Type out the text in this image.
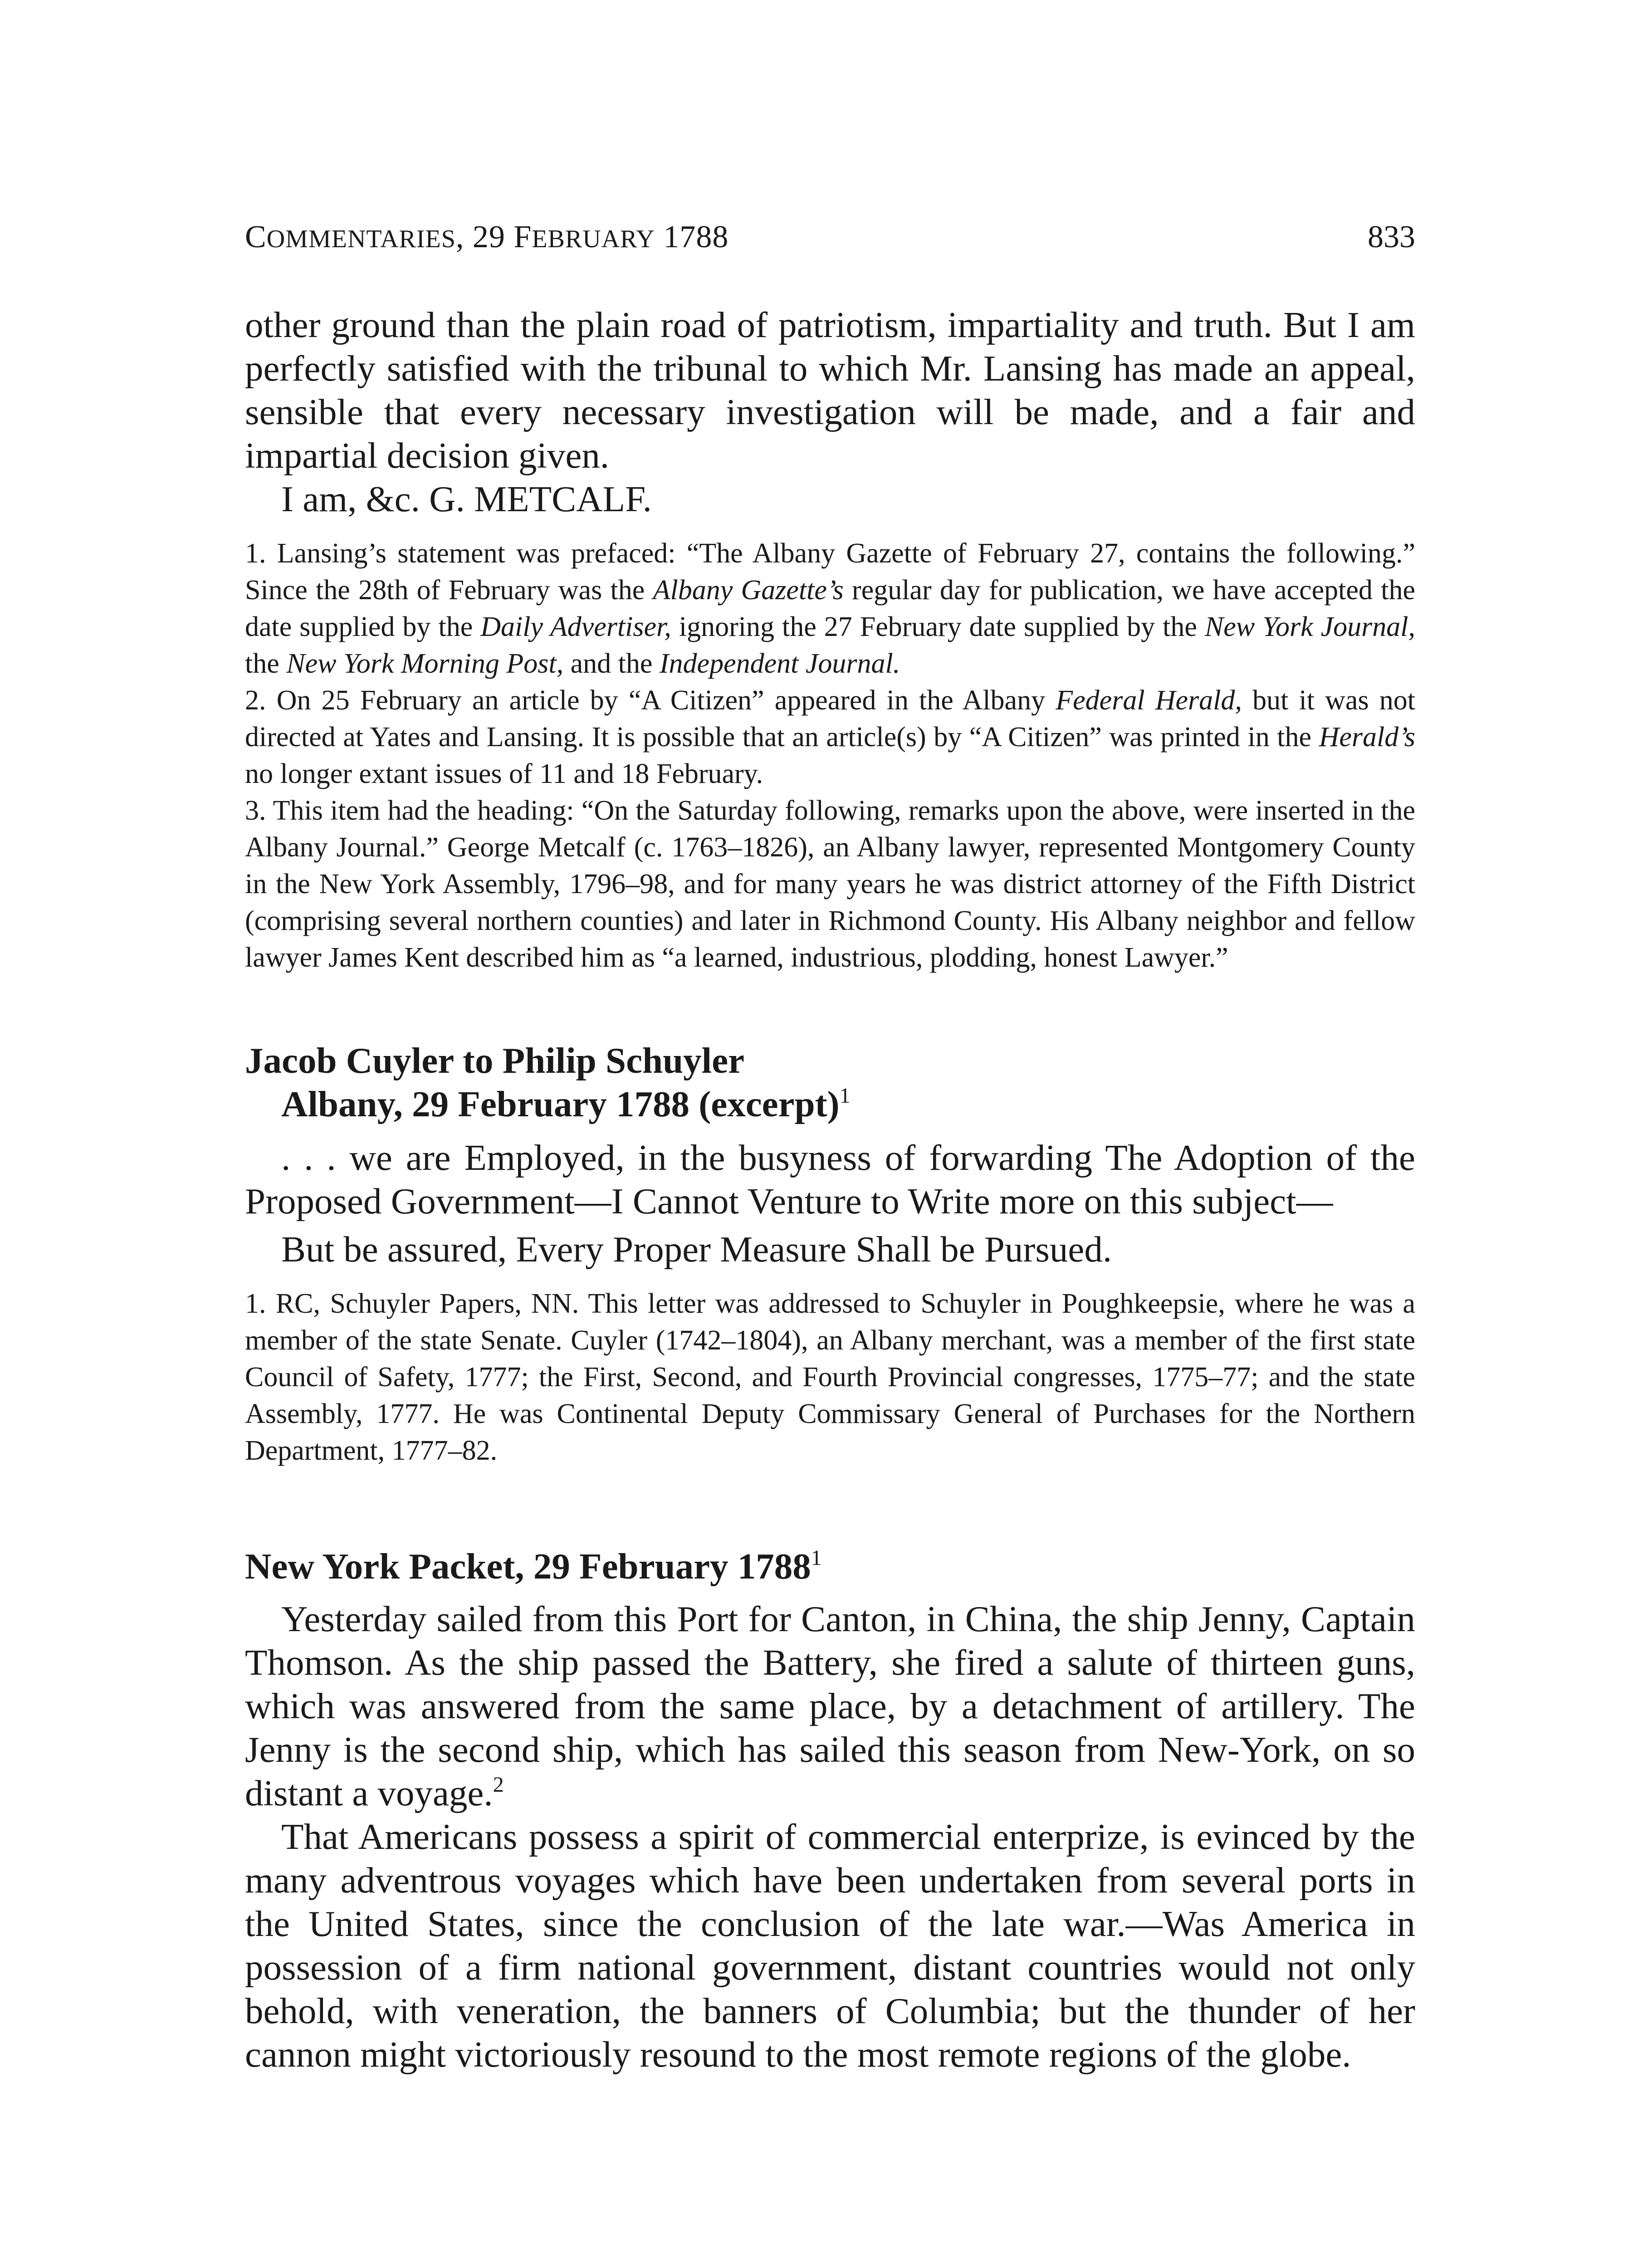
COMMENTARIES, 29 FEBRUARY 1788	833

other ground than the plain road of patriotism, impartiality and truth. But I am perfectly satisfied with the tribunal to which Mr. Lansing has made an appeal, sensible that every necessary investigation will be made, and a fair and impartial decision given.

I am, &c. G. METCALF.

1. Lansing’s statement was prefaced: “The Albany Gazette of February 27, contains the following.” Since the 28th of February was the Albany Gazette’s regular day for publication, we have accepted the date supplied by the Daily Advertiser, ignoring the 27 February date supplied by the New York Journal, the New York Morning Post, and the Independent Journal.

2. On 25 February an article by “A Citizen” appeared in the Albany Federal Herald, but it was not directed at Yates and Lansing. It is possible that an article(s) by “A Citizen” was printed in the Herald’s no longer extant issues of 11 and 18 February.

3. This item had the heading: “On the Saturday following, remarks upon the above, were inserted in the Albany Journal.” George Metcalf (c. 1763–1826), an Albany lawyer, represented Montgomery County in the New York Assembly, 1796–98, and for many years he was district attorney of the Fifth District (comprising several northern counties) and later in Richmond County. His Albany neighbor and fellow lawyer James Kent described him as “a learned, industrious, plodding, honest Lawyer.”

Jacob Cuyler to Philip Schuyler

Albany, 29 February 1788 (excerpt)$^1$

. . . we are Employed, in the busyness of forwarding The Adoption of the Proposed Government—I Cannot Venture to Write more on this subject—

But be assured, Every Proper Measure Shall be Pursued.

1. RC, Schuyler Papers, NN. This letter was addressed to Schuyler in Poughkeepsie, where he was a member of the state Senate. Cuyler (1742–1804), an Albany merchant, was a member of the first state Council of Safety, 1777; the First, Second, and Fourth Provincial congresses, 1775–77; and the state Assembly, 1777. He was Continental Deputy Commissary General of Purchases for the Northern Department, 1777–82.

New York Packet, 29 February 1788$^1$

Yesterday sailed from this Port for Canton, in China, the ship Jenny, Captain Thomson. As the ship passed the Battery, she fired a salute of thirteen guns, which was answered from the same place, by a detachment of artillery. The Jenny is the second ship, which has sailed this season from New-York, on so distant a voyage.$^2$

That Americans possess a spirit of commercial enterprize, is evinced by the many adventrous voyages which have been undertaken from several ports in the United States, since the conclusion of the late war.—Was America in possession of a firm national government, distant countries would not only behold, with veneration, the banners of Columbia; but the thunder of her cannon might victoriously resound to the most remote regions of the globe.
